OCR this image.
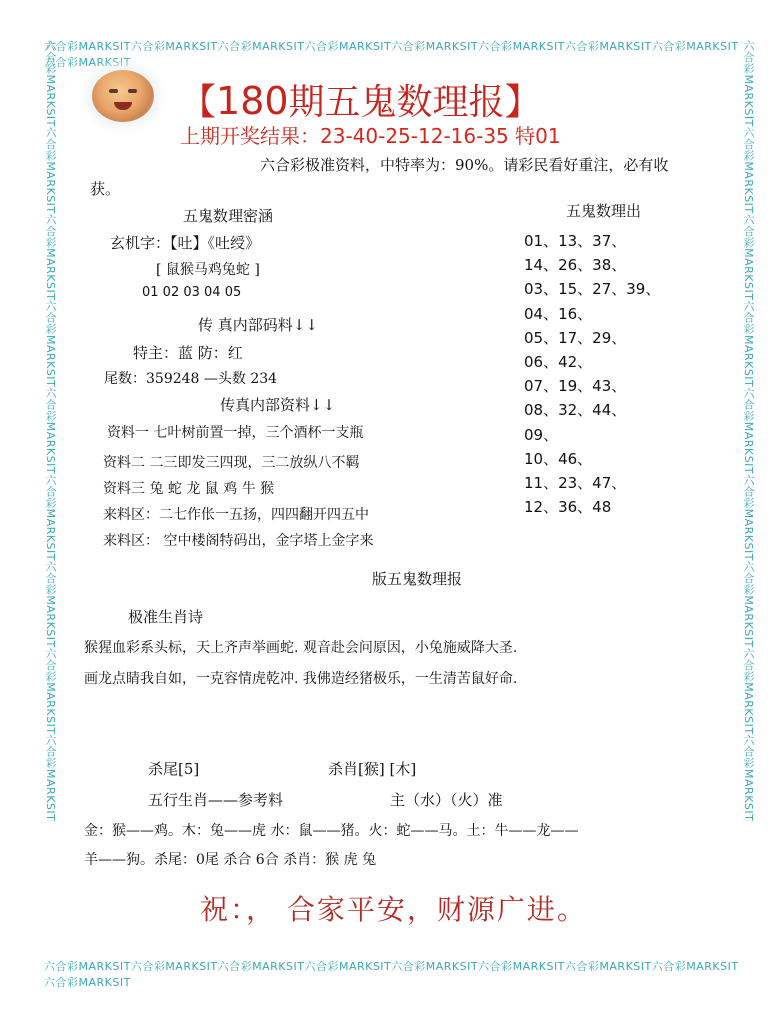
六合彩MARKSIT六合彩MARKSIT六合彩MARKSIT六合彩MARKSIT六合彩MARKSIT六合彩MARKSIT六合彩MARKSIT六合彩MARKSIT六合彩MARKSIT
六合彩MARKSIT六合彩MARKSIT六合彩MARKSIT六合彩MARKSIT六合彩MARKSIT六合彩MARKSIT六合彩MARKSIT六合彩MARKSIT六合彩MARKSIT
六合彩MARKSIT六合彩MARKSIT六合彩MARKSIT六合彩MARKSIT六合彩MARKSIT六合彩MARKSIT六合彩MARKSIT六合彩MARKSIT六合彩MARKSIT	六合彩MARKSIT六合彩MARKSIT六合彩MARKSIT六合彩MARKSIT六合彩MARKSIT六合彩MARKSIT六合彩MARKSIT六合彩MARKSIT六合彩MARKSIT
【180期五鬼数理报】
上期开奖结果：23-40-25-12-16-35 特01
六合彩极准资料，中特率为：90%。请彩民看好重注，必有收
获。
五鬼数理密涵
玄机字：【吐】《吐绶》
[ 鼠猴马鸡兔蛇 ]
01 02 03 04 05
传 真内部码料↓↓
特主：蓝 防：红
尾数：359248 —头数 234
传真内部资料↓↓
资料一 七叶树前置一掉，三个酒杯一支瓶
资料二 二三即发三四现，三二放纵八不羁
资料三 兔 蛇 龙 鼠 鸡 牛 猴
来料区：二七作伥一五扬，四四翻开四五中
来料区： 空中楼阁特码出，金字塔上金字来
五鬼数理出
01、13、37、
14、26、38、
03、15、27、39、
04、16、
05、17、29、
06、42、
07、19、43、
08、32、44、
09、
10、46、
11、23、47、
12、36、48
版五鬼数理报
极准生肖诗
猴猩血彩系头标，天上齐声举画蛇. 观音赴会问原因，小兔施威降大圣.
画龙点睛我自如，一克容情虎乾冲. 我佛造经猪极乐，一生清苦鼠好命.
杀尾[5]	杀肖[猴] [木]
五行生肖——参考料	主（水）（火）准
金：猴——鸡。木：兔——虎 水：鼠——猪。火：蛇——马。土：牛——龙——
羊——狗。杀尾：0尾 杀合 6合 杀肖：猴 虎 兔
祝：， 合家平安，财源广进。
